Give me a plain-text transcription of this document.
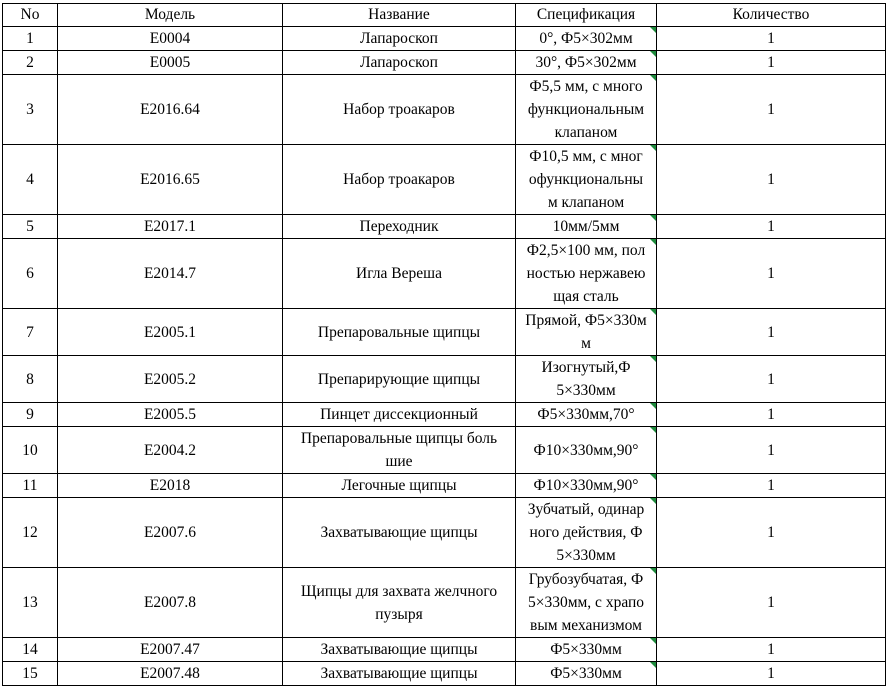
No	Модель	Название	Спецификация	Количество
1	E0004	Лапароскоп	0°, Ф5×302мм	1
2	E0005	Лапароскоп	30°, Ф5×302мм	1
3	E2016.64	Набор троакаров	Ф5,5 мм, с много
функциональным
клапаном	1
4	E2016.65	Набор троакаров	Ф10,5 мм, с мног
офункциональны
м клапаном	1
5	E2017.1	Переходник	10мм/5мм	1
6	E2014.7	Игла Вереша	Ф2,5×100 мм, пол
ностью нержавею
щая сталь	1
7	E2005.1	Препаровальные щипцы	Прямой, Ф5×330м
м	1
8	E2005.2	Препарирующие щипцы	Изогнутый,Ф
5×330мм	1
9	E2005.5	Пинцет диссекционный	Ф5×330мм,70°	1
10	E2004.2	Препаровальные щипцы боль
шие	Ф10×330мм,90°	1
11	E2018	Легочные щипцы	Ф10×330мм,90°	1
12	E2007.6	Захватывающие щипцы	Зубчатый, одинар
ного действия, Ф
5×330мм	1
13	E2007.8	Щипцы для захвата желчного
пузыря	Грубозубчатая, Ф
5×330мм, с храпо
вым механизмом	1
14	E2007.47	Захватывающие щипцы	Ф5×330мм	1
15	E2007.48	Захватывающие щипцы	Ф5×330мм	1
